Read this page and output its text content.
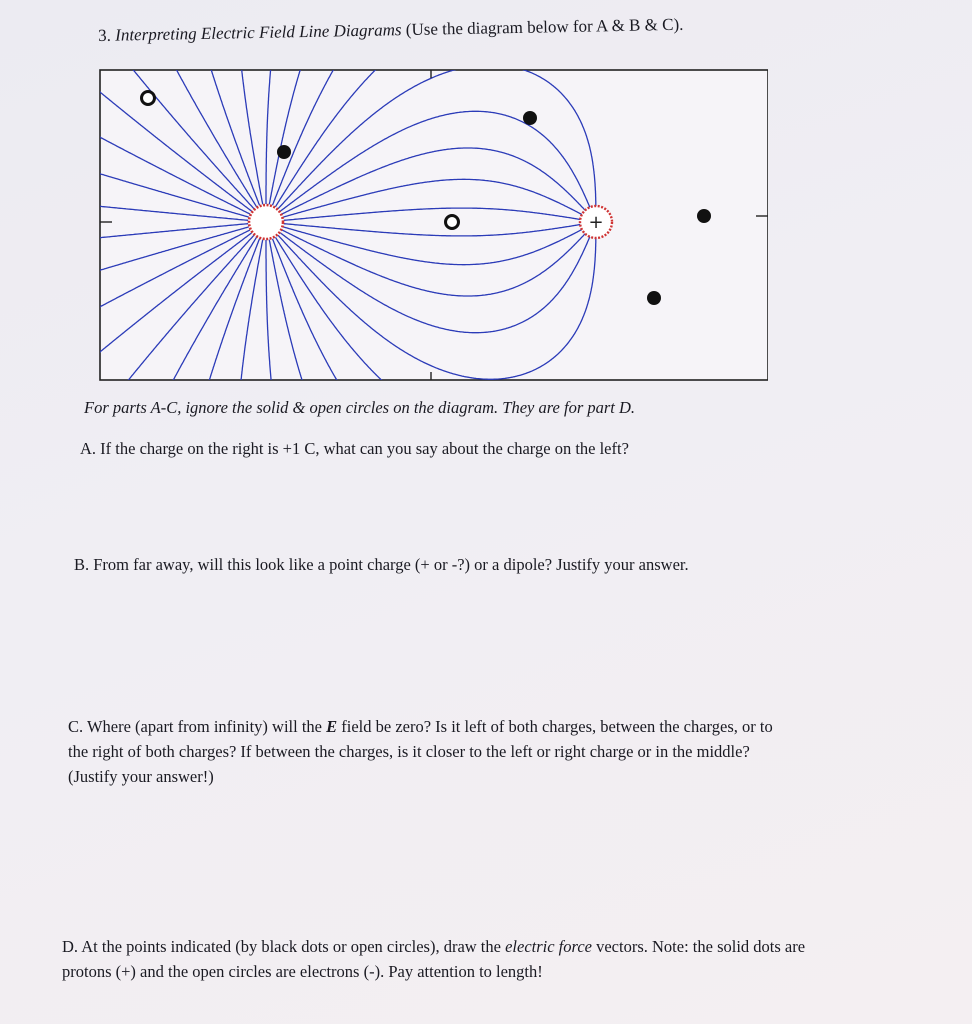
3. Interpreting Electric Field Line Diagrams (Use the diagram below for A & B & C).
+
For parts A-C, ignore the solid & open circles on the diagram. They are for part D.
A. If the charge on the right is +1 C, what can you say about the charge on the left?
B. From far away, will this look like a point charge (+ or -?) or a dipole? Justify your answer.
C. Where (apart from infinity) will the E field be zero? Is it left of both charges, between the charges, or to the right of both charges? If between the charges, is it closer to the left or right charge or in the middle? (Justify your answer!)
D. At the points indicated (by black dots or open circles), draw the electric force vectors. Note: the solid dots are protons (+) and the open circles are electrons (-). Pay attention to length!
